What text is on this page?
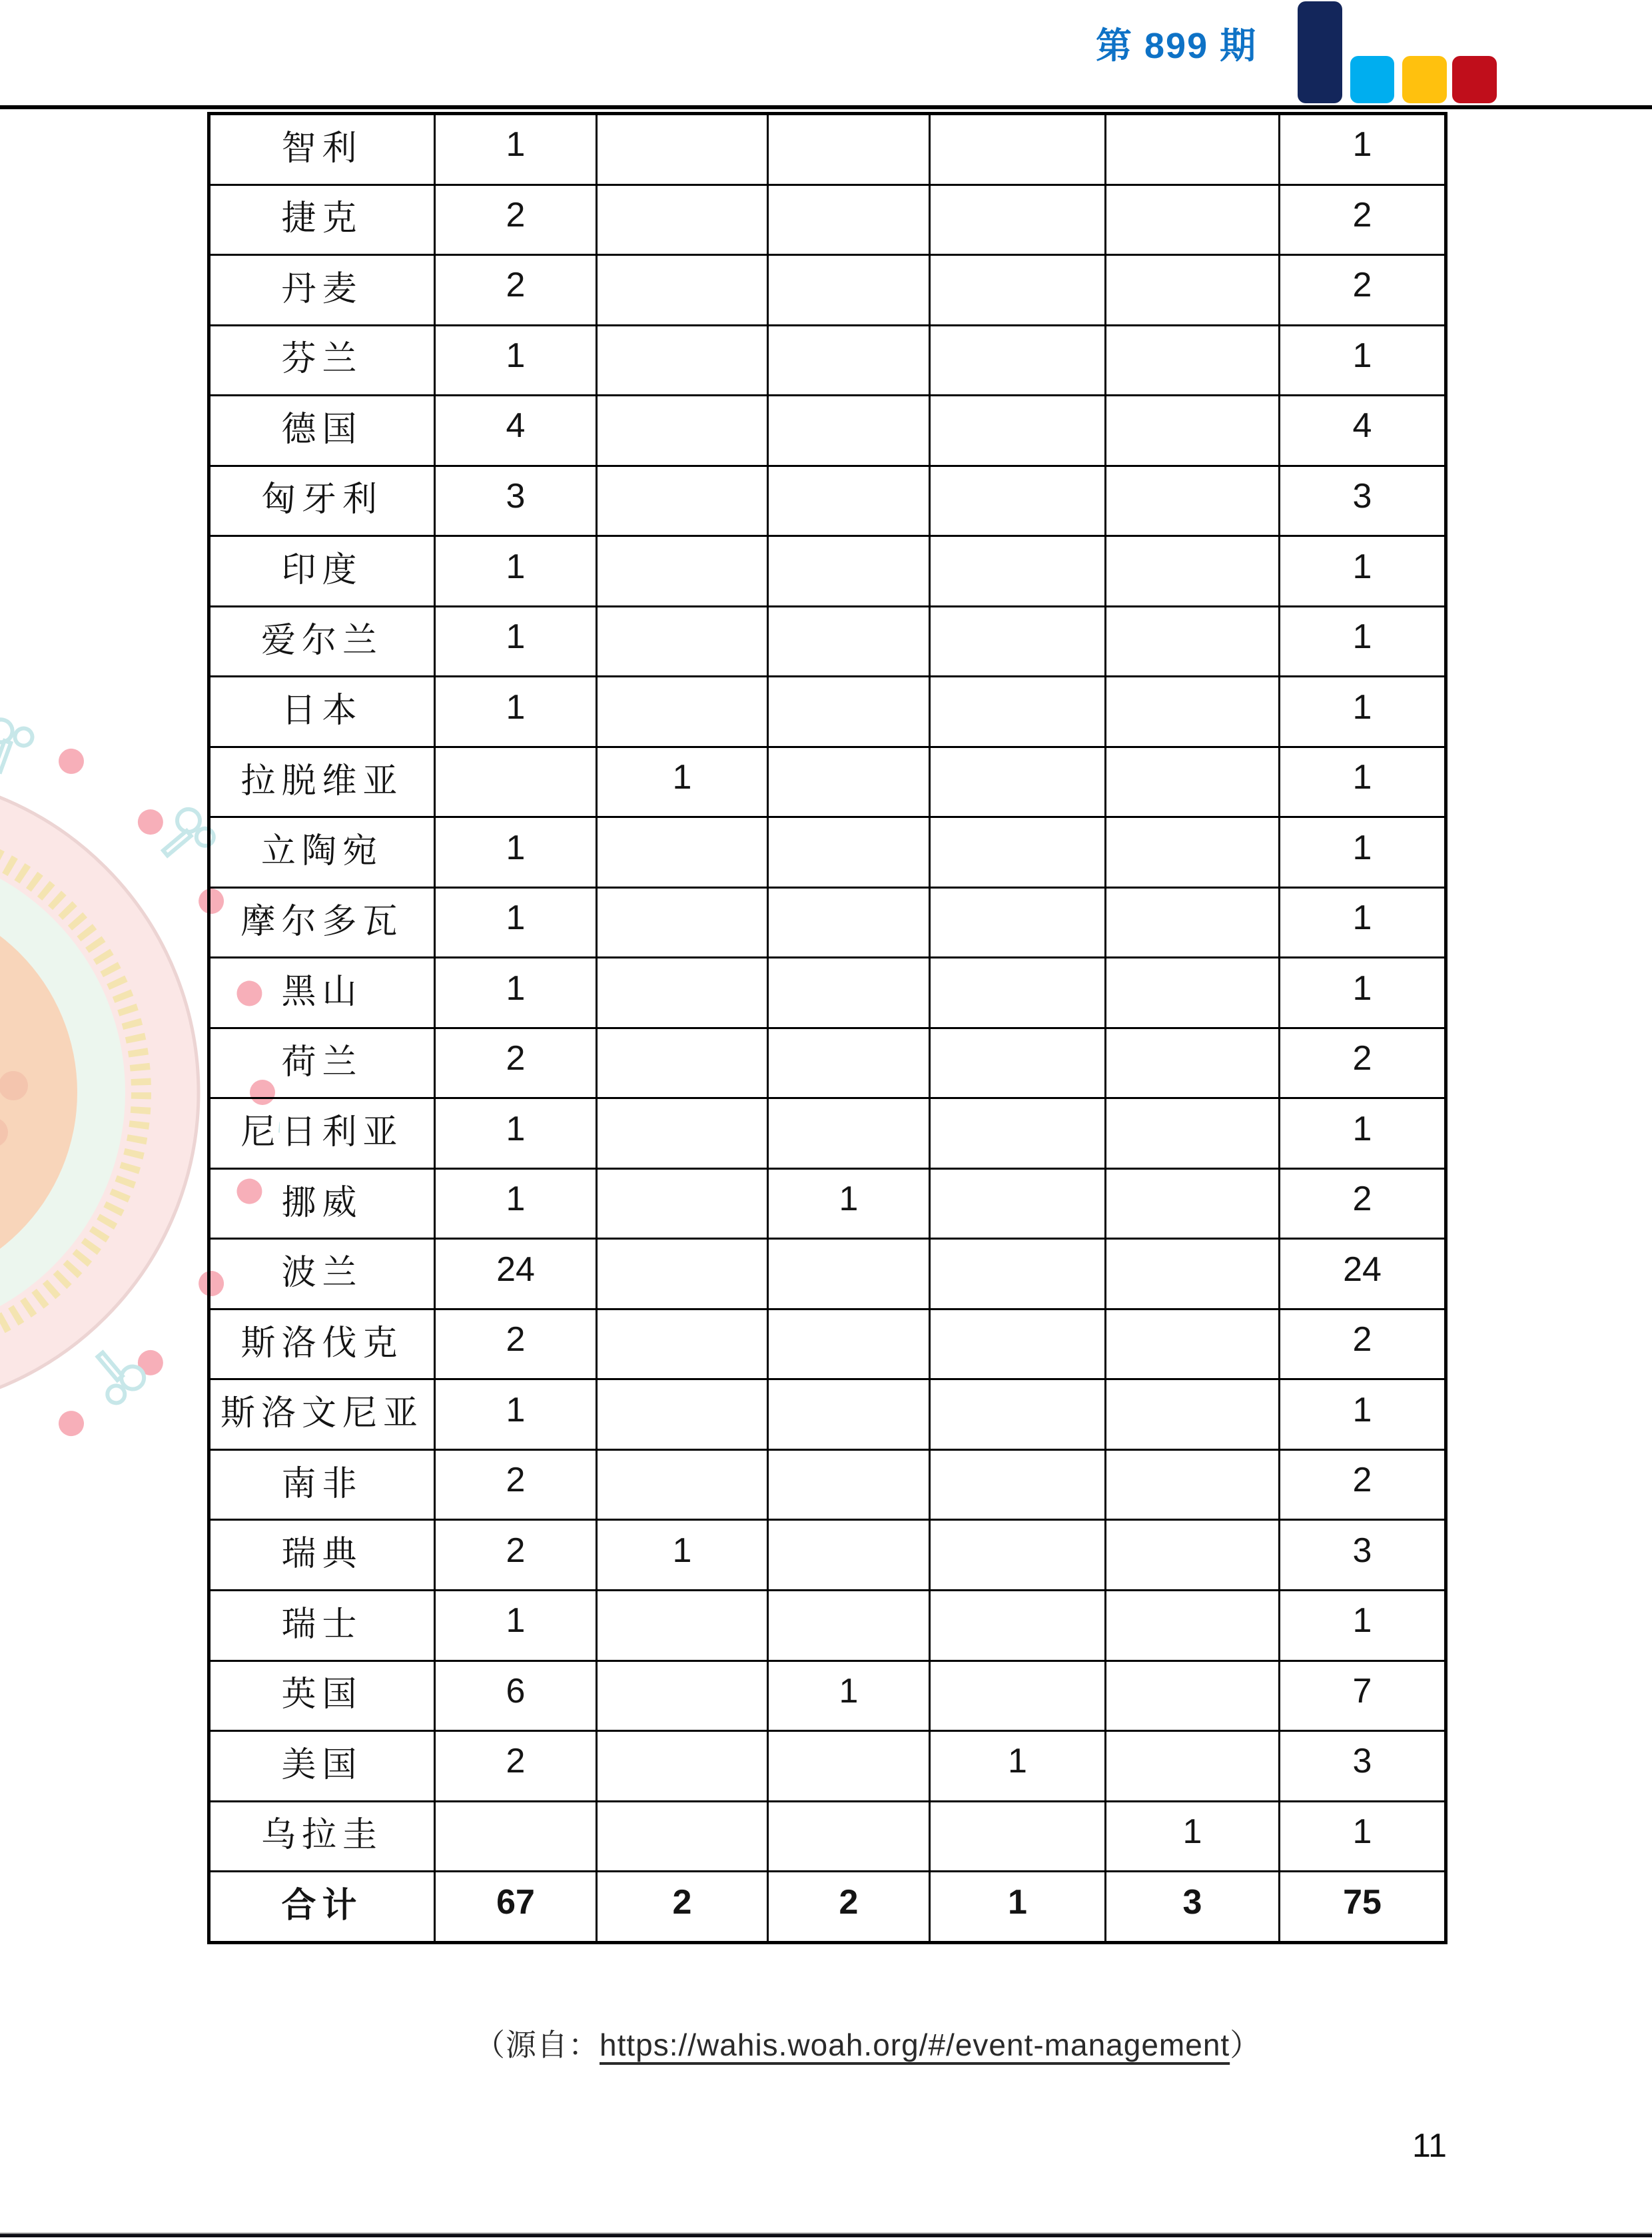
第 899 期
智利	1					1
捷克	2					2
丹麦	2					2
芬兰	1					1
德国	4					4
匈牙利	3					3
印度	1					1
爱尔兰	1					1
日本	1					1
拉脱维亚		1				1
立陶宛	1					1
摩尔多瓦	1					1
黑山	1					1
荷兰	2					2
尼日利亚	1					1
挪威	1		1			2
波兰	24					24
斯洛伐克	2					2
斯洛文尼亚	1					1
南非	2					2
瑞典	2	1				3
瑞士	1					1
英国	6		1			7
美国	2			1		3
乌拉圭					1	1
合计	67	2	2	1	3	75
（源自：https://wahis.woah.org/#/event-management）
11
